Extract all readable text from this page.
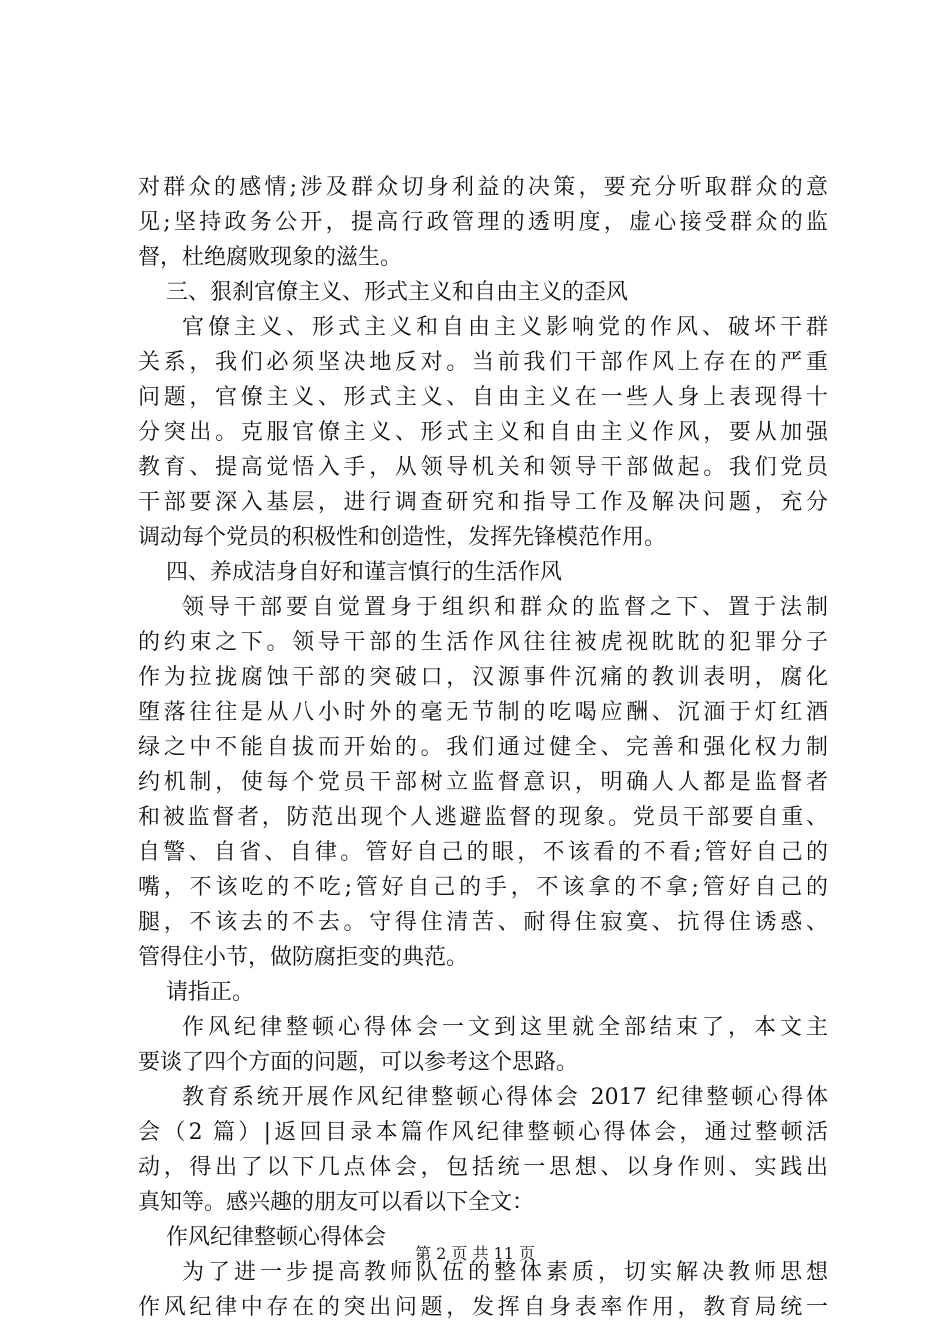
对群众的感情;涉及群众切身利益的决策，要充分听取群众的意
见;坚持政务公开，提高行政管理的透明度，虚心接受群众的监
督，杜绝腐败现象的滋生。
三、狠刹官僚主义、形式主义和自由主义的歪风
官僚主义、形式主义和自由主义影响党的作风、破坏干群
关系，我们必须坚决地反对。当前我们干部作风上存在的严重
问题，官僚主义、形式主义、自由主义在一些人身上表现得十
分突出。克服官僚主义、形式主义和自由主义作风，要从加强
教育、提高觉悟入手，从领导机关和领导干部做起。我们党员
干部要深入基层，进行调查研究和指导工作及解决问题，充分
调动每个党员的积极性和创造性，发挥先锋模范作用。
四、养成洁身自好和谨言慎行的生活作风
领导干部要自觉置身于组织和群众的监督之下、置于法制
的约束之下。领导干部的生活作风往往被虎视眈眈的犯罪分子
作为拉拢腐蚀干部的突破口，汉源事件沉痛的教训表明，腐化
堕落往往是从八小时外的毫无节制的吃喝应酬、沉湎于灯红酒
绿之中不能自拔而开始的。我们通过健全、完善和强化权力制
约机制，使每个党员干部树立监督意识，明确人人都是监督者
和被监督者，防范出现个人逃避监督的现象。党员干部要自重、
自警、自省、自律。管好自己的眼，不该看的不看;管好自己的
嘴，不该吃的不吃;管好自己的手，不该拿的不拿;管好自己的
腿，不该去的不去。守得住清苦、耐得住寂寞、抗得住诱惑、
管得住小节，做防腐拒变的典范。
请指正。
作风纪律整顿心得体会一文到这里就全部结束了，本文主
要谈了四个方面的问题，可以参考这个思路。
教育系统开展作风纪律整顿心得体会 2017 纪律整顿心得体
会（2 篇）|返回目录本篇作风纪律整顿心得体会，通过整顿活
动，得出了以下几点体会，包括统一思想、以身作则、实践出
真知等。感兴趣的朋友可以看以下全文：
作风纪律整顿心得体会
为了进一步提高教师队伍的整体素质，切实解决教师思想
作风纪律中存在的突出问题，发挥自身表率作用，教育局统一
第 2 页 共 11 页
